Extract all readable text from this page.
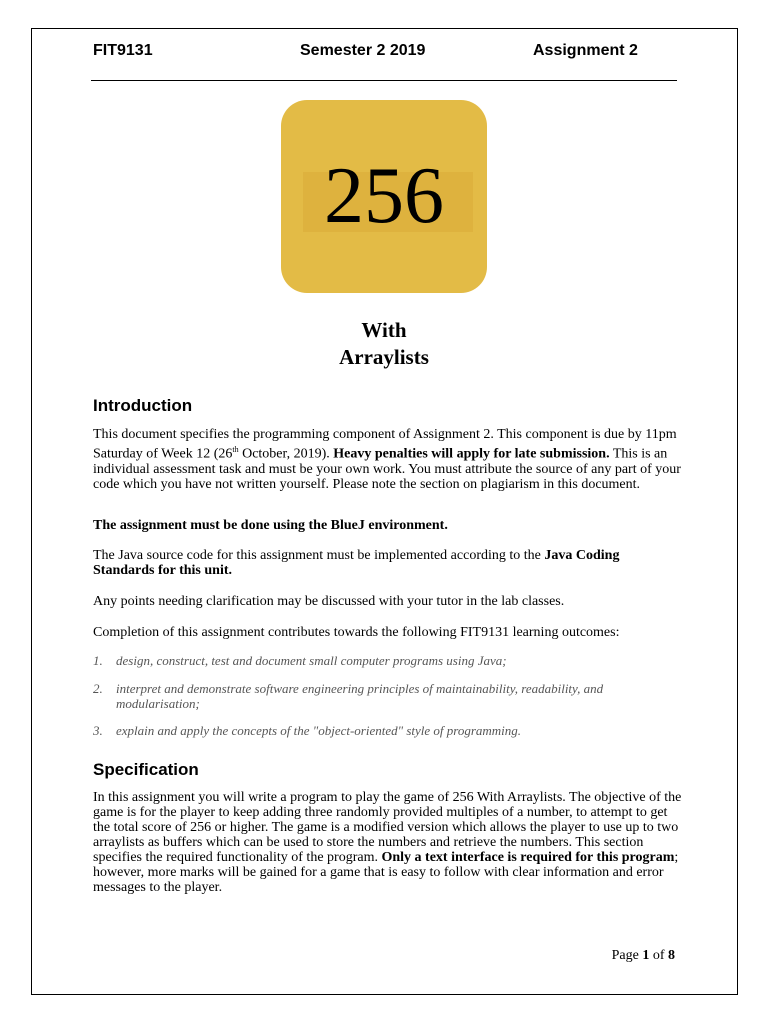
FIT9131	Semester 2 2019	Assignment 2
256
With
Arraylists
Introduction
This document specifies the programming component of Assignment 2. This component is due by 11pm Saturday of Week 12 (26th October, 2019). Heavy penalties will apply for late submission. This is an individual assessment task and must be your own work. You must attribute the source of any part of your code which you have not written yourself. Please note the section on plagiarism in this document.
The assignment must be done using the BlueJ environment.
The Java source code for this assignment must be implemented according to the Java Coding Standards for this unit.
Any points needing clarification may be discussed with your tutor in the lab classes.
Completion of this assignment contributes towards the following FIT9131 learning outcomes:
1.	design, construct, test and document small computer programs using Java;
2.	interpret and demonstrate software engineering principles of maintainability, readability, and modularisation;
3.	explain and apply the concepts of the "object-oriented" style of programming.
Specification
In this assignment you will write a program to play the game of 256 With Arraylists. The objective of the game is for the player to keep adding three randomly provided multiples of a number, to attempt to get the total score of 256 or higher. The game is a modified version which allows the player to use up to two arraylists as buffers which can be used to store the numbers and retrieve the numbers. This section specifies the required functionality of the program. Only a text interface is required for this program; however, more marks will be gained for a game that is easy to follow with clear information and error messages to the player.
Page 1 of 8
